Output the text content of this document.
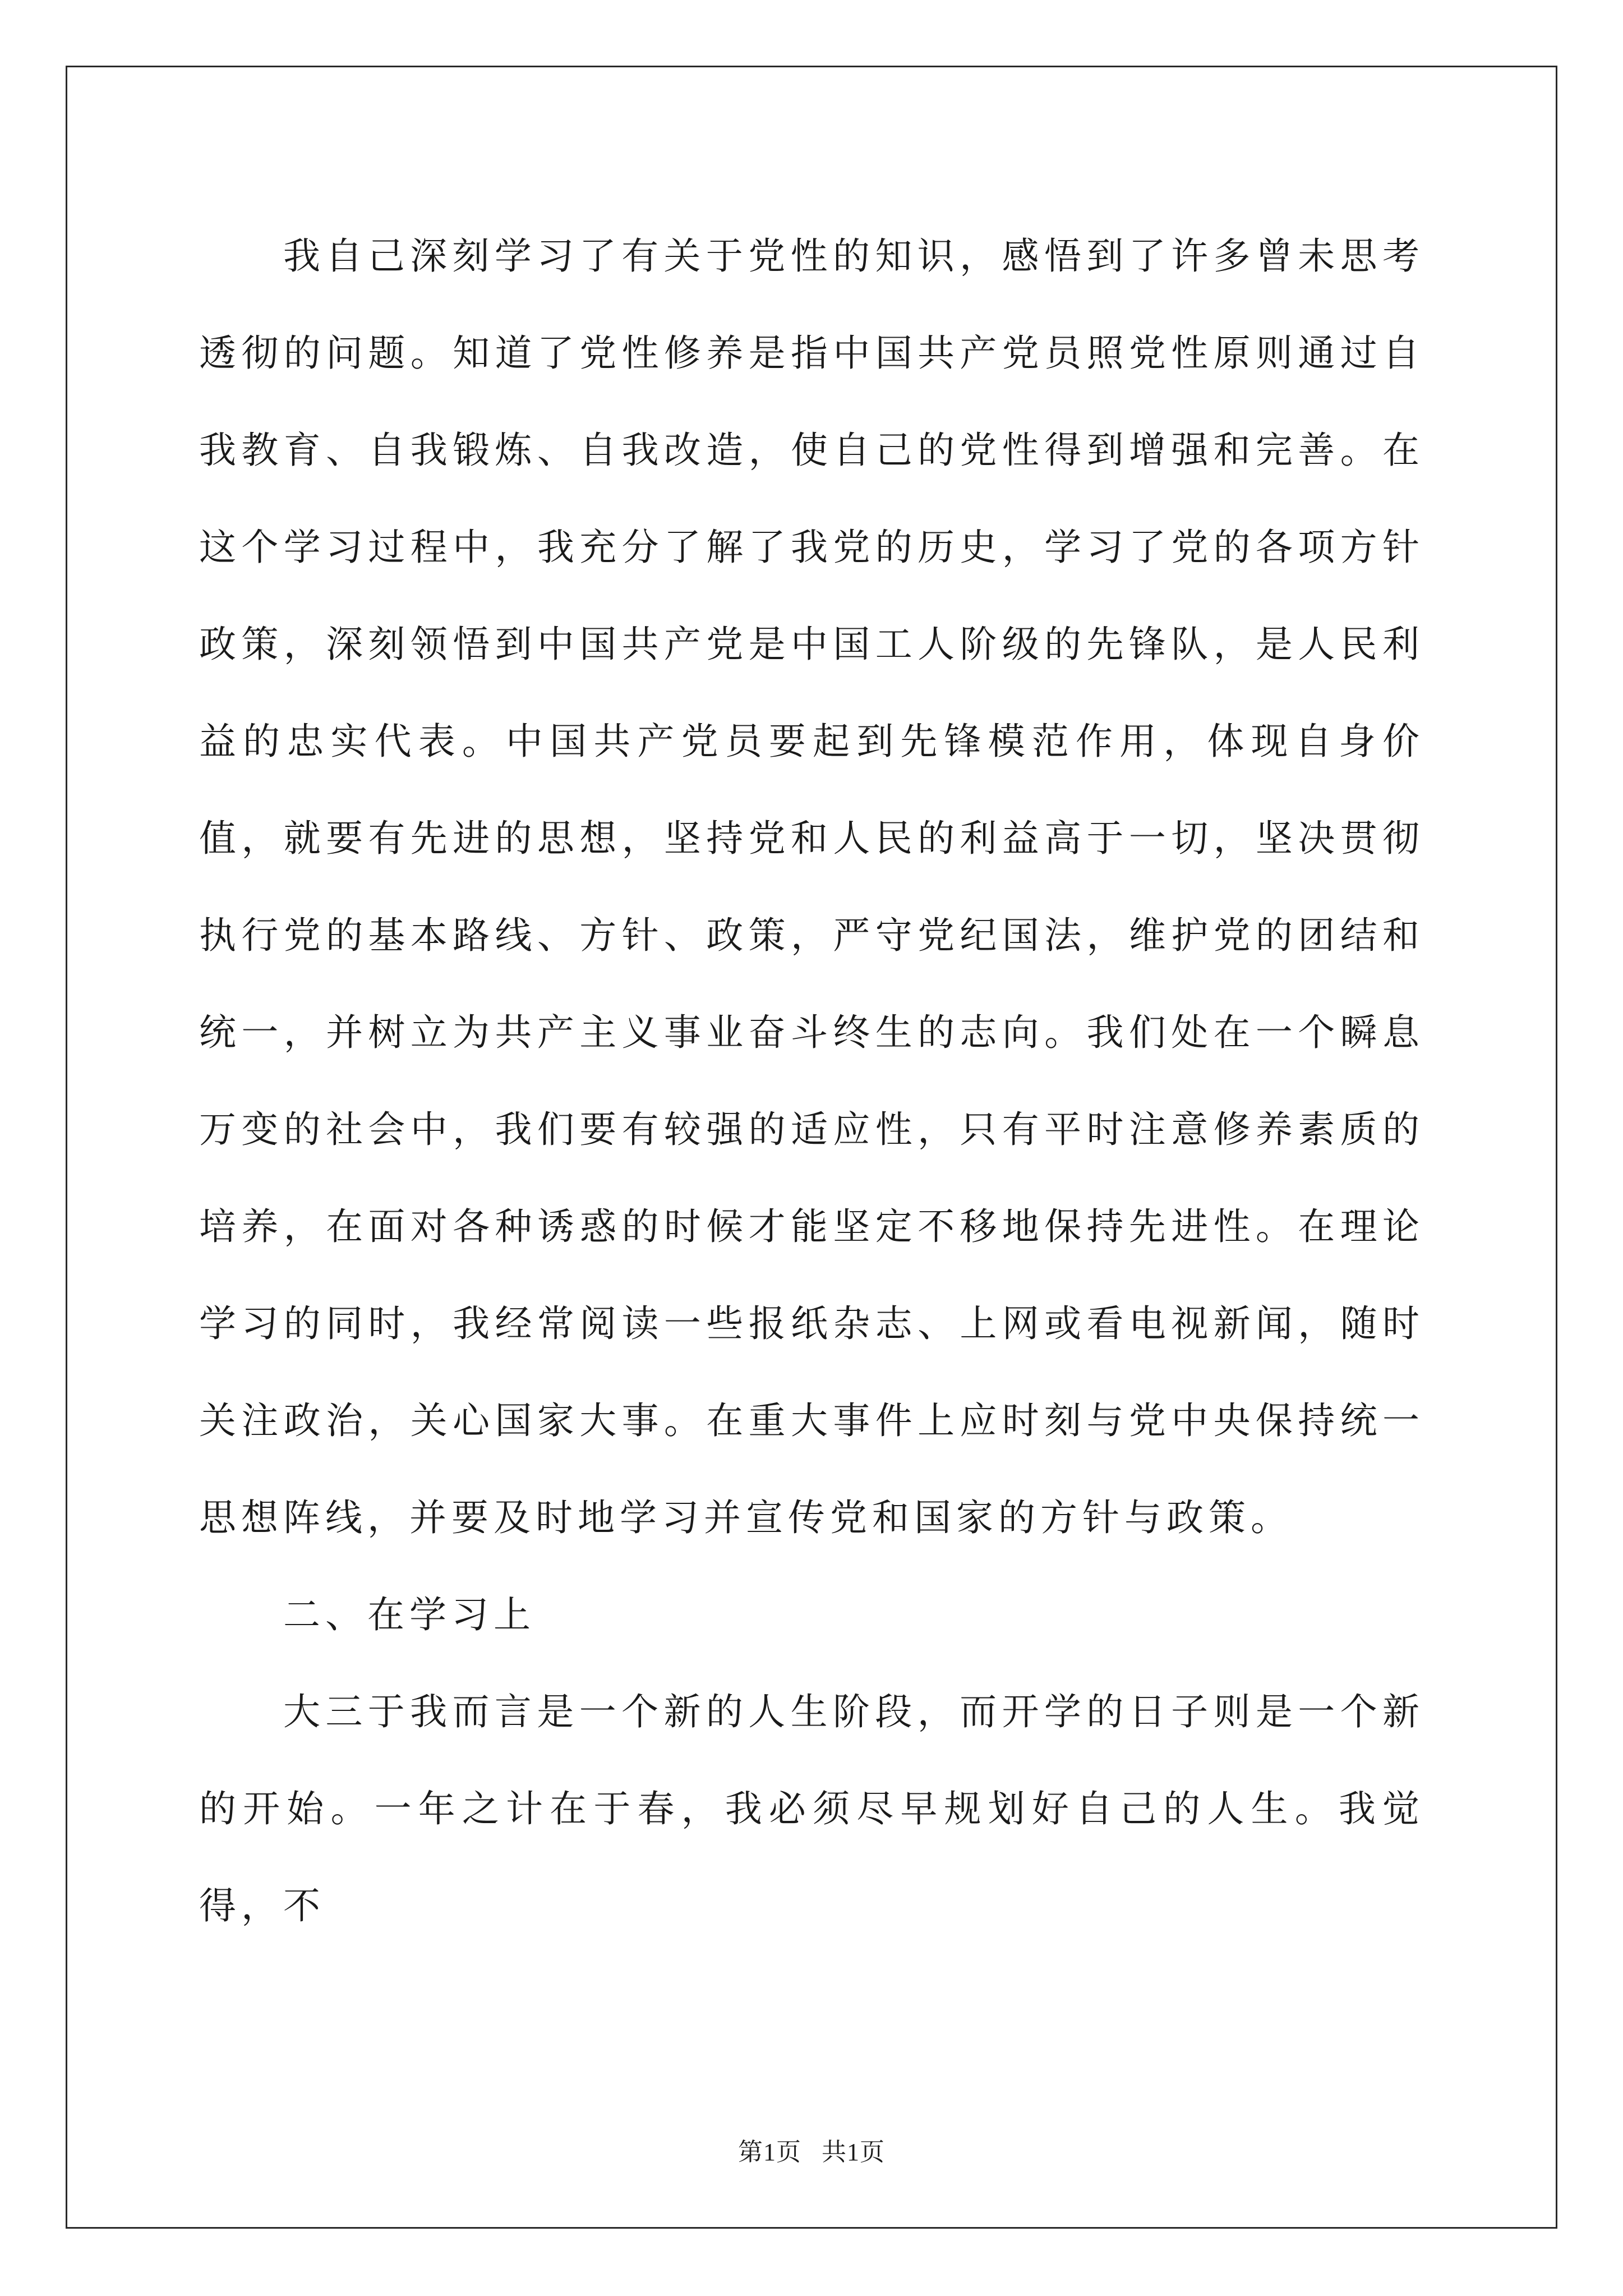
我自己深刻学习了有关于党性的知识，感悟到了许多曾未思考透彻的问题。知道了党性修养是指中国共产党员照党性原则通过自我教育、自我锻炼、自我改造，使自己的党性得到增强和完善。在这个学习过程中，我充分了解了我党的历史，学习了党的各项方针政策，深刻领悟到中国共产党是中国工人阶级的先锋队，是人民利益的忠实代表。中国共产党员要起到先锋模范作用，体现自身价值，就要有先进的思想，坚持党和人民的利益高于一切，坚决贯彻执行党的基本路线、方针、政策，严守党纪国法，维护党的团结和统一，并树立为共产主义事业奋斗终生的志向。我们处在一个瞬息万变的社会中，我们要有较强的适应性，只有平时注意修养素质的培养，在面对各种诱惑的时候才能坚定不移地保持先进性。在理论学习的同时，我经常阅读一些报纸杂志、上网或看电视新闻，随时关注政治，关心国家大事。在重大事件上应时刻与党中央保持统一思想阵线，并要及时地学习并宣传党和国家的方针与政策。

二、在学习上

大三于我而言是一个新的人生阶段，而开学的日子则是一个新的开始。一年之计在于春，我必须尽早规划好自己的人生。我觉得，不

第1页 共1页
